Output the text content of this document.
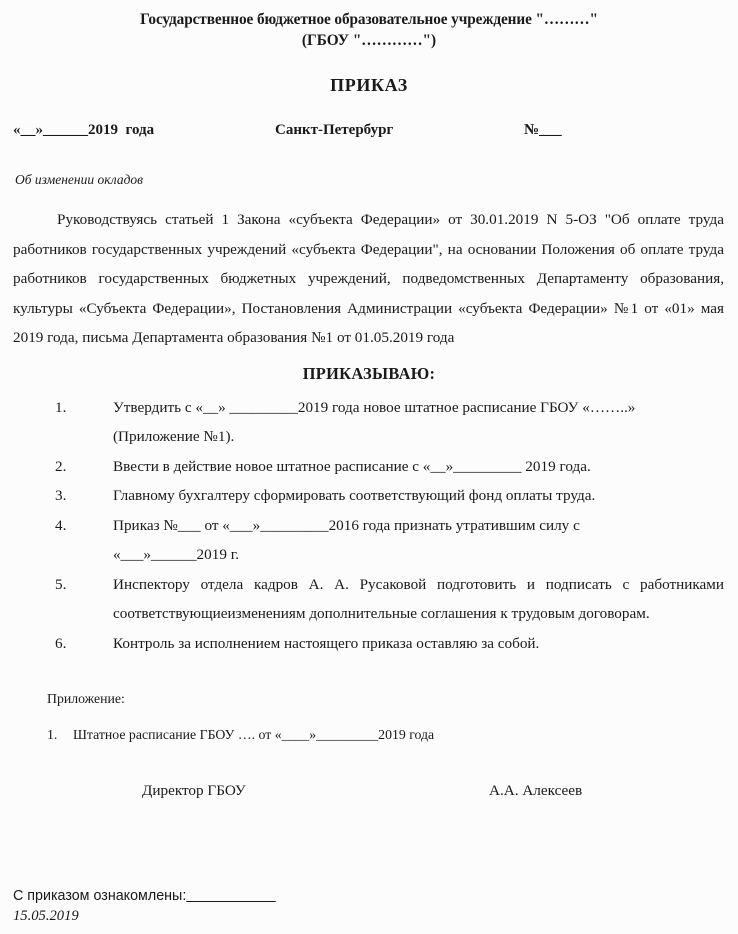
Государственное бюджетное образовательное учреждение "………"
(ГБОУ "…………")
ПРИКАЗ
«__»______2019  года	Санкт-Петербург	№___
Об изменении окладов
Руководствуясь статьей 1 Закона «субъекта Федерации» от 30.01.2019 N 5-ОЗ "Об оплате труда работников государственных учреждений «субъекта Федерации", на основании Положения об оплате труда работников государственных бюджетных учреждений, подведомственных Департаменту образования, культуры «Субъекта Федерации», Постановления Администрации «субъекта Федерации» №1 от «01» мая 2019 года, письма Департамента образования №1 от 01.05.2019 года
ПРИКАЗЫВАЮ:
1.	Утвердить с «__» _________2019 года новое штатное расписание ГБОУ «……..»
(Приложение №1).
2.	Ввести в действие новое штатное расписание с «__»_________ 2019 года.
3.	Главному бухгалтеру сформировать соответствующий фонд оплаты труда.
4.	Приказ №___ от «___»_________2016 года признать утратившим силу с
«___»______2019 г.
5.	Инспектору отдела кадров А. А. Русаковой подготовить и подписать с работниками соответствующиеизменениям дополнительные соглашения к трудовым договорам.
6.	Контроль за исполнением настоящего приказа оставляю за собой.
Приложение:
1. Штатное расписание ГБОУ …. от «____»_________2019 года
Директор ГБОУ	А.А. Алексеев
С приказом ознакомлены:
15.05.2019
